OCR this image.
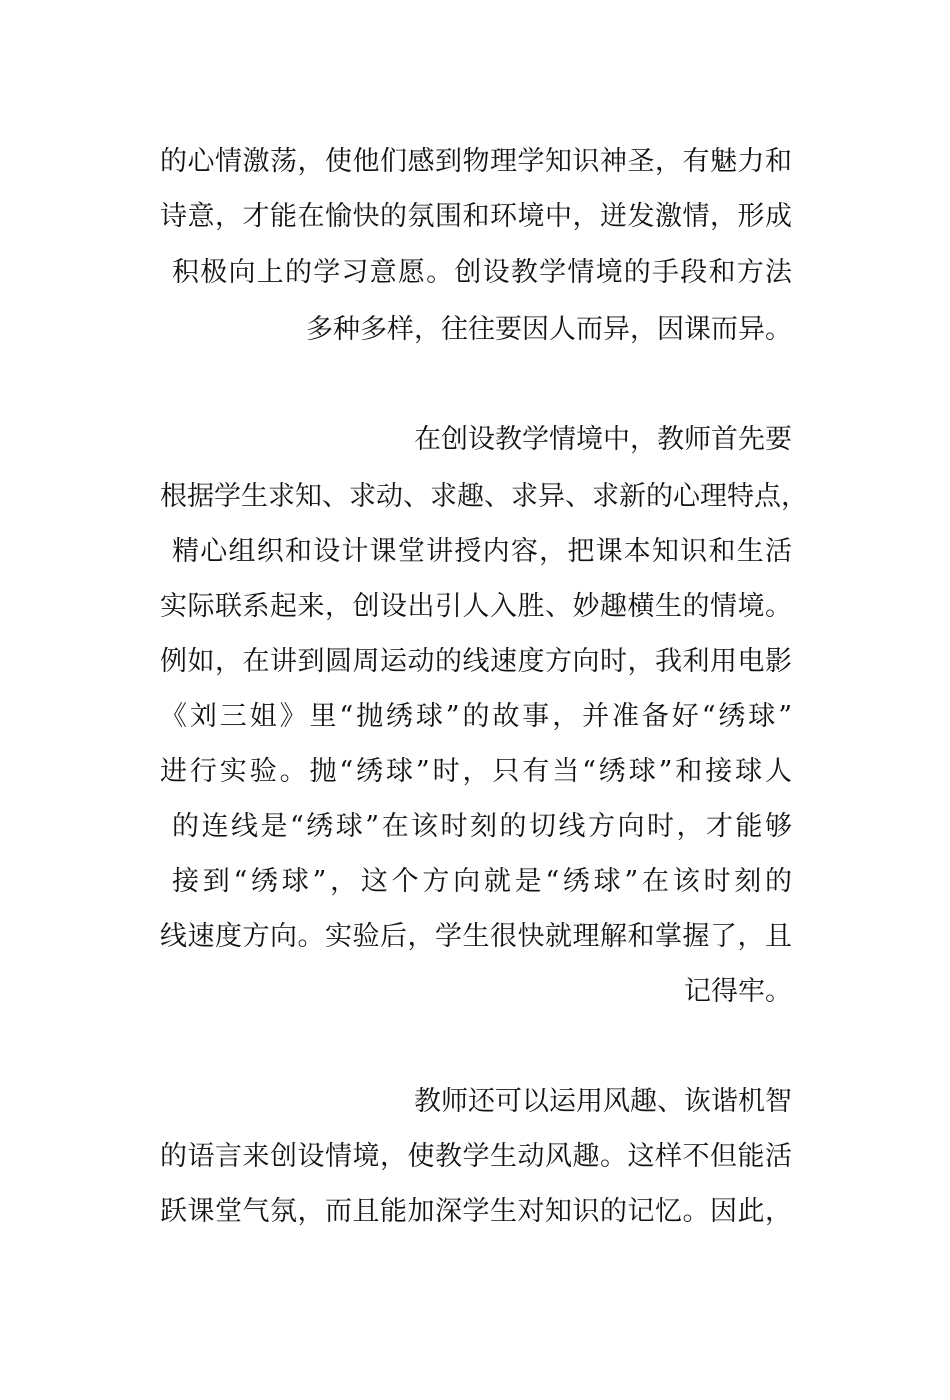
的心情激荡，使他们感到物理学知识神圣，有魅力和
诗意，才能在愉快的氛围和环境中，迸发激情，形成
积极向上的学习意愿。创设教学情境的手段和方法
多种多样，往往要因人而异，因课而异。
在创设教学情境中，教师首先要
根据学生求知、求动、求趣、求异、求新的心理特点，
精心组织和设计课堂讲授内容，把课本知识和生活
实际联系起来，创设出引人入胜、妙趣横生的情境。
例如，在讲到圆周运动的线速度方向时，我利用电影
《刘三姐》里“抛绣球”的故事，并准备好“绣球”
进行实验。抛“绣球”时，只有当“绣球”和接球人
的连线是“绣球”在该时刻的切线方向时，才能够
接到“绣球”，这个方向就是“绣球”在该时刻的
线速度方向。实验后，学生很快就理解和掌握了，且
记得牢。
教师还可以运用风趣、诙谐机智
的语言来创设情境，使教学生动风趣。这样不但能活
跃课堂气氛，而且能加深学生对知识的记忆。因此，
